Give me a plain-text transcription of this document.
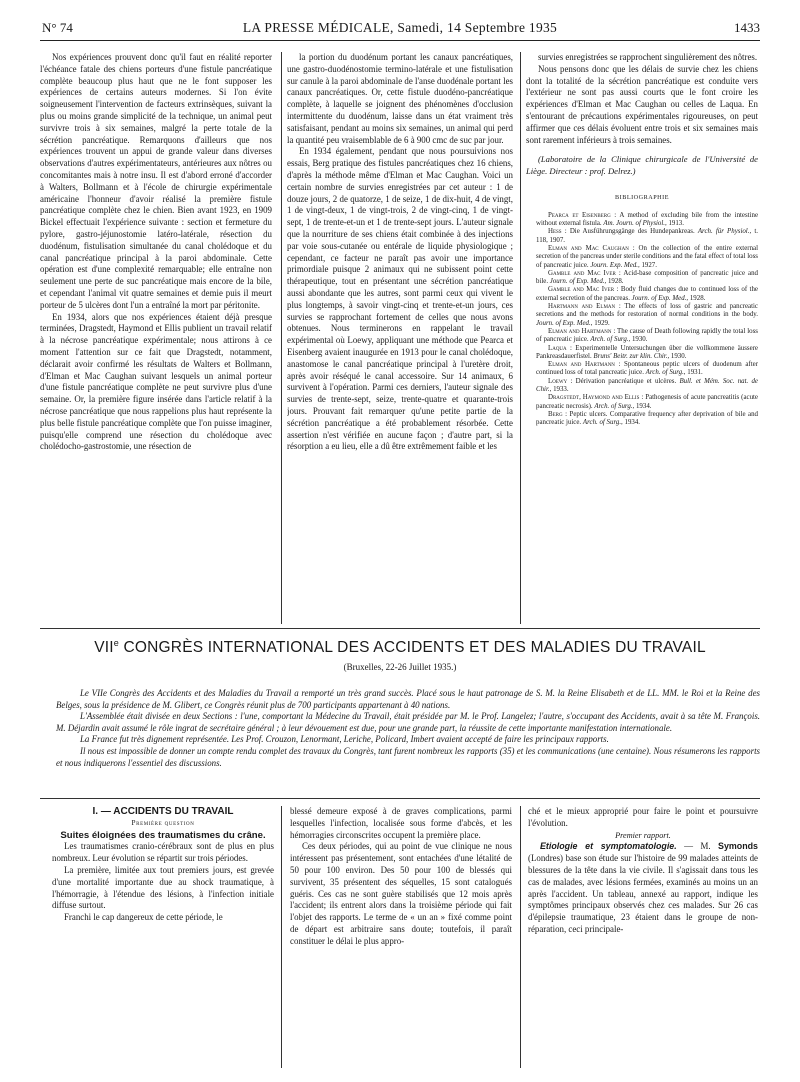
N° 74	LA PRESSE MÉDICALE, Samedi, 14 Septembre 1935	1433

Nos expériences prouvent donc qu'il faut en réalité reporter l'échéance fatale des chiens porteurs d'une fistule pancréatique complète beaucoup plus haut que ne le font supposer les expériences de certains auteurs modernes. Si l'on évite soigneusement l'intervention de facteurs extrinsèques, suivant la plus ou moins grande simplicité de la technique, un animal peut survivre trois à six semaines, malgré la perte totale de la sécrétion pancréatique. Remarquons d'ailleurs que nos expériences trouvent un appui de grande valeur dans diverses observations d'autres expérimentateurs, antérieures aux nôtres ou concomitantes mais à notre insu. Il est d'abord erroné d'accorder à Walters, Bollmann et à l'école de chirurgie expérimentale américaine l'honneur d'avoir réalisé la première fistule pancréatique complète chez le chien. Bien avant 1923, en 1909 Bickel effectuait l'expérience suivante : section et fermeture du pylore, gastro-jéjunostomie latéro-latérale, résection du duodénum, fistulisation simultanée du canal cholédoque et du canal pancréatique principal à la paroi abdominale. Cette opération est d'une complexité remarquable; elle entraîne non seulement une perte de suc pancréatique mais encore de la bile, et cependant l'animal vit quatre semaines et demie puis il meurt porteur de 5 ulcères dont l'un a entraîné la mort par péritonite.

En 1934, alors que nos expériences étaient déjà presque terminées, Dragstedt, Haymond et Ellis publient un travail relatif à la nécrose pancréatique expérimentale; nous attirons à ce moment l'attention sur ce fait que Dragstedt, notamment, déclarait avoir confirmé les résultats de Walters et Bollmann, d'Elman et Mac Caughan suivant lesquels un animal porteur d'une fistule pancréatique complète ne peut survivre plus d'une semaine. Or, la première figure insérée dans l'article relatif à la nécrose pancréatique que nous rappelions plus haut représente la plus belle fistule pancréatique complète que l'on puisse imaginer, puisqu'elle comprend une résection du cholédoque avec cholédocho-gastrostomie, une résection de

la portion du duodénum portant les canaux pancréatiques, une gastro-duodénostomie terminо-latérale et une fistulisation sur canule à la paroi abdominale de l'anse duodénale portant les canaux pancréatiques. Or, cette fistule duodéno-pancréatique complète, à laquelle se joignent des phénomènes d'occlusion intermittente du duodénum, laisse dans un état vraiment très satisfaisant, pendant au moins six semaines, un animal qui perd la quantité peu vraisemblable de 6 à 900 cmc de suc par jour.

En 1934 également, pendant que nous poursuivions nos essais, Berg pratique des fistules pancréatiques chez 16 chiens, d'après la méthode même d'Elman et Mac Caughan. Voici un certain nombre de survies enregistrées par cet auteur : 1 de douze jours, 2 de quatorze, 1 de seize, 1 de dix-huit, 4 de vingt, 1 de vingt-deux, 1 de vingt-trois, 2 de vingt-cinq, 1 de vingt-sept, 1 de trente-et-un et 1 de trente-sept jours. L'auteur signale que la nourriture de ses chiens était combinée à des injections par voie sous-cutanée ou entérale de liquide physiologique ; cependant, ce facteur ne paraît pas avoir une importance primordiale puisque 2 animaux qui ne subissent point cette thérapeutique, tout en présentant une sécrétion pancréatique aussi abondante que les autres, sont parmi ceux qui vivent le plus longtemps, à savoir vingt-cinq et trente-et-un jours, ces survies se rapprochant fortement de celles que nous avons obtenues. Nous terminerons en rappelant le travail expérimental où Loewy, appliquant une méthode que Pearca et Eisenberg avaient inaugurée en 1913 pour le canal cholédoque, anastomose le canal pancréatique principal à l'uretère droit, après avoir réséqué le canal accessoire. Sur 14 animaux, 6 survivent à l'opération. Parmi ces derniers, l'auteur signale des survies de trente-sept, seize, trente-quatre et quarante-trois jours. Prouvant fait remarquer qu'une petite partie de la sécrétion pancréatique a été probablement résorbée. Cette assertion n'est vérifiée en aucune façon ; d'autre part, si la résorption a eu lieu, elle a dû être extrêmement faible et les

survies enregistrées se rapprochent singulièrement des nôtres.

Nous pensons donc que les délais de survie chez les chiens dont la totalité de la sécrétion pancréatique est conduite vers l'extérieur ne sont pas aussi courts que le font croire les expériences d'Elman et Mac Caughan ou celles de Laqua. En s'entourant de précautions expérimentales rigoureuses, on peut affirmer que ces délais évoluent entre trois et six semaines mais sont rarement inférieurs à trois semaines.

(Laboratoire de la Clinique chirurgicale de l'Université de Liège. Directeur : prof. Delrez.)

BIBLIOGRAPHIE

Pearca et Eisenberg : A method of excluding bile from the intestine without external fistula. Am. Journ. of Physiol., 1913.

Hess : Die Ausführungsgänge des Hundepankreas. Arch. für Physiol., t. 118, 1907.

Elman and Mac Caughan : On the collection of the entire external secretion of the pancreas under sterile conditions and the fatal effect of total loss of pancreatic juice. Journ. Exp. Med., 1927.

Gamble and Mac Iver : Acid-base composition of pancreatic juice and bile. Journ. of Exp. Med., 1928.

Gamble and Mac Iver : Body fluid changes due to continued loss of the external secretion of the pancreas. Journ. of Exp. Med., 1928.

Hartmann and Elman : The effects of loss of gastric and pancreatic secretions and the methods for restoration of normal conditions in the body. Journ. of Exp. Med., 1929.

Elman and Hartmann : The cause of Death following rapidly the total loss of pancreatic juice. Arch. of Surg., 1930.

Laqua : Experimentelle Untersuchungen über die vollkommene äussere Pankreasdauerfistel. Bruns' Beitr. zur klin. Chir., 1930.

Elman and Hartmann : Spontaneous peptic ulcers of duodenum after continued loss of total pancreatic juice. Arch. of Surg., 1931.

Loewy : Dérivation pancréatique et ulcères. Bull. et Mém. Soc. nat. de Chir., 1933.

Dragstedt, Haymond and Ellis : Pathogenesis of acute pancreatitis (acute pancreatic necrosis). Arch. of Surg., 1934.

Berg : Peptic ulcers. Comparative frequency after deprivation of bile and pancreatic juice. Arch. of Surg., 1934.

VIIe CONGRÈS INTERNATIONAL DES ACCIDENTS ET DES MALADIES DU TRAVAIL
(Bruxelles, 22-26 Juillet 1935.)

Le VIIe Congrès des Accidents et des Maladies du Travail a remporté un très grand succès. Placé sous le haut patronage de S. M. la Reine Elisabeth et de LL. MM. le Roi et la Reine des Belges, sous la présidence de M. Glibert, ce Congrès réunit plus de 700 participants appartenant à 40 nations.

L'Assemblée était divisée en deux Sections : l'une, comportant la Médecine du Travail, était présidée par M. le Prof. Langelez; l'autre, s'occupant des Accidents, avait à sa tête M. François. M. Déjardin avait assumé le rôle ingrat de secrétaire général ; à leur dévouement est due, pour une grande part, la réussite de cette importante manifestation internationale.

La France fut très dignement représentée. Les Prof. Crouzon, Lenormant, Leriche, Policard, Imbert avaient accepté de faire les principaux rapports.

Il nous est impossible de donner un compte rendu complet des travaux du Congrès, tant furent nombreux les rapports (35) et les communications (une centaine). Nous résumerons les rapports et nous indiquerons l'essentiel des discussions.

I. — ACCIDENTS DU TRAVAIL

Première question

Suites éloignées des traumatismes du crâne.

Les traumatismes cranio-cérébraux sont de plus en plus nombreux. Leur évolution se répartit sur trois périodes.

La première, limitée aux tout premiers jours, est grevée d'une mortalité importante due au shock traumatique, à l'hémorragie, à l'étendue des lésions, à l'infection initiale diffuse surtout.

Franchi le cap dangereux de cette période, le

blessé demeure exposé à de graves complications, parmi lesquelles l'infection, localisée sous forme d'abcès, et les hémorragies circonscrites occupent la première place.

Ces deux périodes, qui au point de vue clinique ne nous intéressent pas présentement, sont entachées d'une létalité de 50 pour 100 environ. Des 50 pour 100 de blessés qui survivent, 35 présentent des séquelles, 15 sont catalogués guéris. Ces cas ne sont guère stabilisés que 12 mois après l'accident; ils entrent alors dans la troisième période qui fait l'objet des rapports. Le terme de « un an » fixé comme point de départ est arbitraire sans doute; toutefois, il paraît constituer le délai le plus appro-

ché et le mieux approprié pour faire le point et poursuivre l'évolution.

Premier rapport.

Etiologie et symptomatologie. — M. Symonds (Londres) base son étude sur l'histoire de 99 malades atteints de blessures de la tête dans la vie civile. Il s'agissait dans tous les cas de malades, avec lésions fermées, examinés au moins un an après l'accident. Un tableau, annexé au rapport, indique les symptômes principaux observés chez ces malades. Sur 26 cas d'épilepsie traumatique, 23 étaient dans le groupe de non-réparation, ceci principale-
